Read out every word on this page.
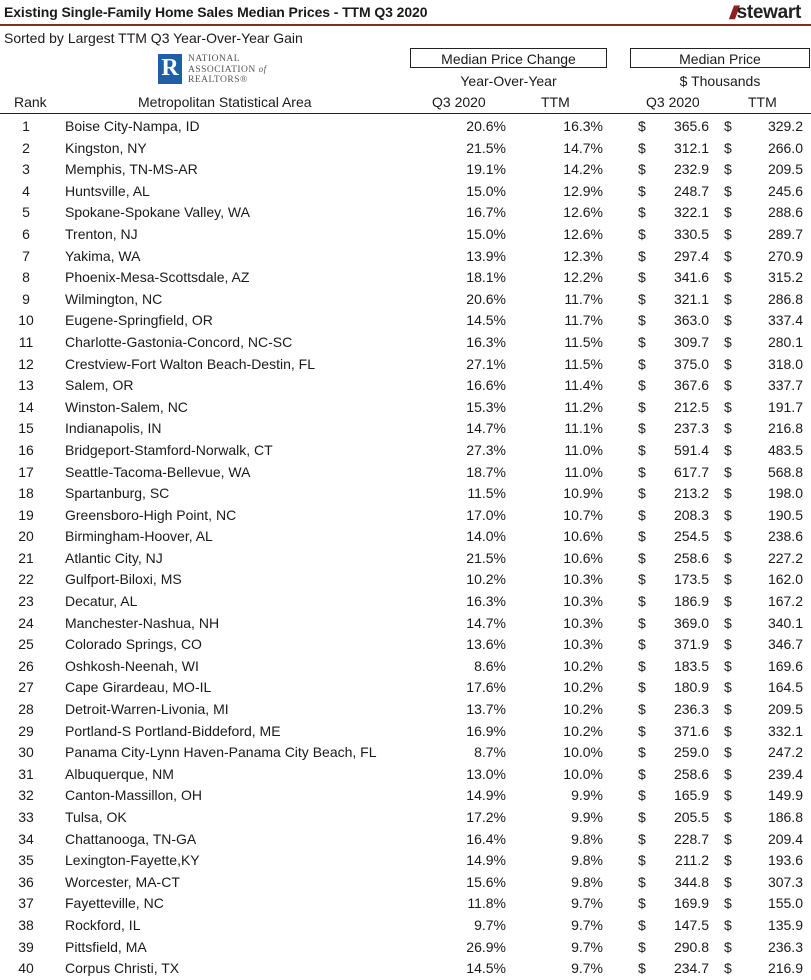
Existing Single-Family Home Sales Median Prices - TTM Q3 2020	/// stewart
Sorted by Largest TTM Q3 Year-Over-Year Gain
R NATIONAL
ASSOCIATION of
REALTORS®
Median Price Change	Median Price
Year-Over-Year	$ Thousands
Rank	Metropolitan Statistical Area	Q3 2020	TTM	Q3 2020	TTM
1	Boise City-Nampa, ID	20.6%	16.3%	$	365.6 $	329.2
2	Kingston, NY	21.5%	14.7%	$	312.1 $	266.0
3	Memphis, TN-MS-AR	19.1%	14.2%	$	232.9 $	209.5
4	Huntsville, AL	15.0%	12.9%	$	248.7 $	245.6
5	Spokane-Spokane Valley, WA	16.7%	12.6%	$	322.1 $	288.6
6	Trenton, NJ	15.0%	12.6%	$	330.5 $	289.7
7	Yakima, WA	13.9%	12.3%	$	297.4 $	270.9
8	Phoenix-Mesa-Scottsdale, AZ	18.1%	12.2%	$	341.6 $	315.2
9	Wilmington, NC	20.6%	11.7%	$	321.1 $	286.8
10	Eugene-Springfield, OR	14.5%	11.7%	$	363.0 $	337.4
11	Charlotte-Gastonia-Concord, NC-SC	16.3%	11.5%	$	309.7 $	280.1
12	Crestview-Fort Walton Beach-Destin, FL	27.1%	11.5%	$	375.0 $	318.0
13	Salem, OR	16.6%	11.4%	$	367.6 $	337.7
14	Winston-Salem, NC	15.3%	11.2%	$	212.5 $	191.7
15	Indianapolis, IN	14.7%	11.1%	$	237.3 $	216.8
16	Bridgeport-Stamford-Norwalk, CT	27.3%	11.0%	$	591.4 $	483.5
17	Seattle-Tacoma-Bellevue, WA	18.7%	11.0%	$	617.7 $	568.8
18	Spartanburg, SC	11.5%	10.9%	$	213.2 $	198.0
19	Greensboro-High Point, NC	17.0%	10.7%	$	208.3 $	190.5
20	Birmingham-Hoover, AL	14.0%	10.6%	$	254.5 $	238.6
21	Atlantic City, NJ	21.5%	10.6%	$	258.6 $	227.2
22	Gulfport-Biloxi, MS	10.2%	10.3%	$	173.5 $	162.0
23	Decatur, AL	16.3%	10.3%	$	186.9 $	167.2
24	Manchester-Nashua, NH	14.7%	10.3%	$	369.0 $	340.1
25	Colorado Springs, CO	13.6%	10.3%	$	371.9 $	346.7
26	Oshkosh-Neenah, WI	8.6%	10.2%	$	183.5 $	169.6
27	Cape Girardeau, MO-IL	17.6%	10.2%	$	180.9 $	164.5
28	Detroit-Warren-Livonia, MI	13.7%	10.2%	$	236.3 $	209.5
29	Portland-S Portland-Biddeford, ME	16.9%	10.2%	$	371.6 $	332.1
30	Panama City-Lynn Haven-Panama City Beach, FL	8.7%	10.0%	$	259.0 $	247.2
31	Albuquerque, NM	13.0%	10.0%	$	258.6 $	239.4
32	Canton-Massillon, OH	14.9%	9.9%	$	165.9 $	149.9
33	Tulsa, OK	17.2%	9.9%	$	205.5 $	186.8
34	Chattanooga, TN-GA	16.4%	9.8%	$	228.7 $	209.4
35	Lexington-Fayette,KY	14.9%	9.8%	$	211.2 $	193.6
36	Worcester, MA-CT	15.6%	9.8%	$	344.8 $	307.3
37	Fayetteville, NC	11.8%	9.7%	$	169.9 $	155.0
38	Rockford, IL	9.7%	9.7%	$	147.5 $	135.9
39	Pittsfield, MA	26.9%	9.7%	$	290.8 $	236.3
40	Corpus Christi, TX	14.5%	9.7%	$	234.7 $	216.9
